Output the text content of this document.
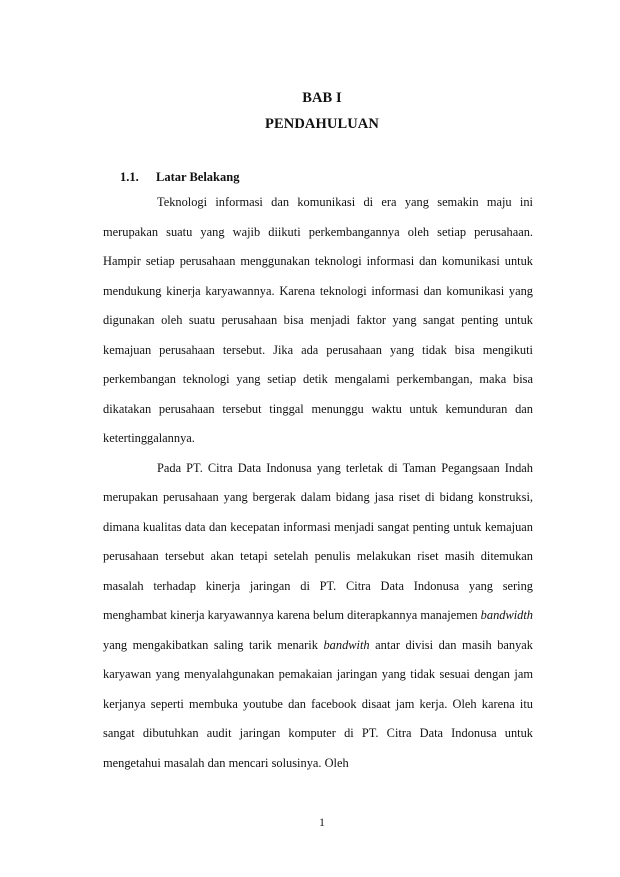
BAB I
PENDAHULUAN
1.1. Latar Belakang

Teknologi informasi dan komunikasi di era yang semakin maju ini merupakan suatu yang wajib diikuti perkembangannya oleh setiap perusahaan. Hampir setiap perusahaan menggunakan teknologi informasi dan komunikasi untuk mendukung kinerja karyawannya. Karena teknologi informasi dan komunikasi yang digunakan oleh suatu perusahaan bisa menjadi faktor yang sangat penting untuk kemajuan perusahaan tersebut. Jika ada perusahaan yang tidak bisa mengikuti perkembangan teknologi yang setiap detik mengalami perkembangan, maka bisa dikatakan perusahaan tersebut tinggal menunggu waktu untuk kemunduran dan ketertinggalannya.

Pada PT. Citra Data Indonusa yang terletak di Taman Pegangsaan Indah merupakan perusahaan yang bergerak dalam bidang jasa riset di bidang konstruksi, dimana kualitas data dan kecepatan informasi menjadi sangat penting untuk kemajuan perusahaan tersebut akan tetapi setelah penulis melakukan riset masih ditemukan masalah terhadap kinerja jaringan di PT. Citra Data Indonusa yang sering menghambat kinerja karyawannya karena belum diterapkannya manajemen bandwidth yang mengakibatkan saling tarik menarik bandwith antar divisi dan masih banyak karyawan yang menyalahgunakan pemakaian jaringan yang tidak sesuai dengan jam kerjanya seperti membuka youtube dan facebook disaat jam kerja. Oleh karena itu sangat dibutuhkan audit jaringan komputer di PT. Citra Data Indonusa untuk mengetahui masalah dan mencari solusinya. Oleh

1
